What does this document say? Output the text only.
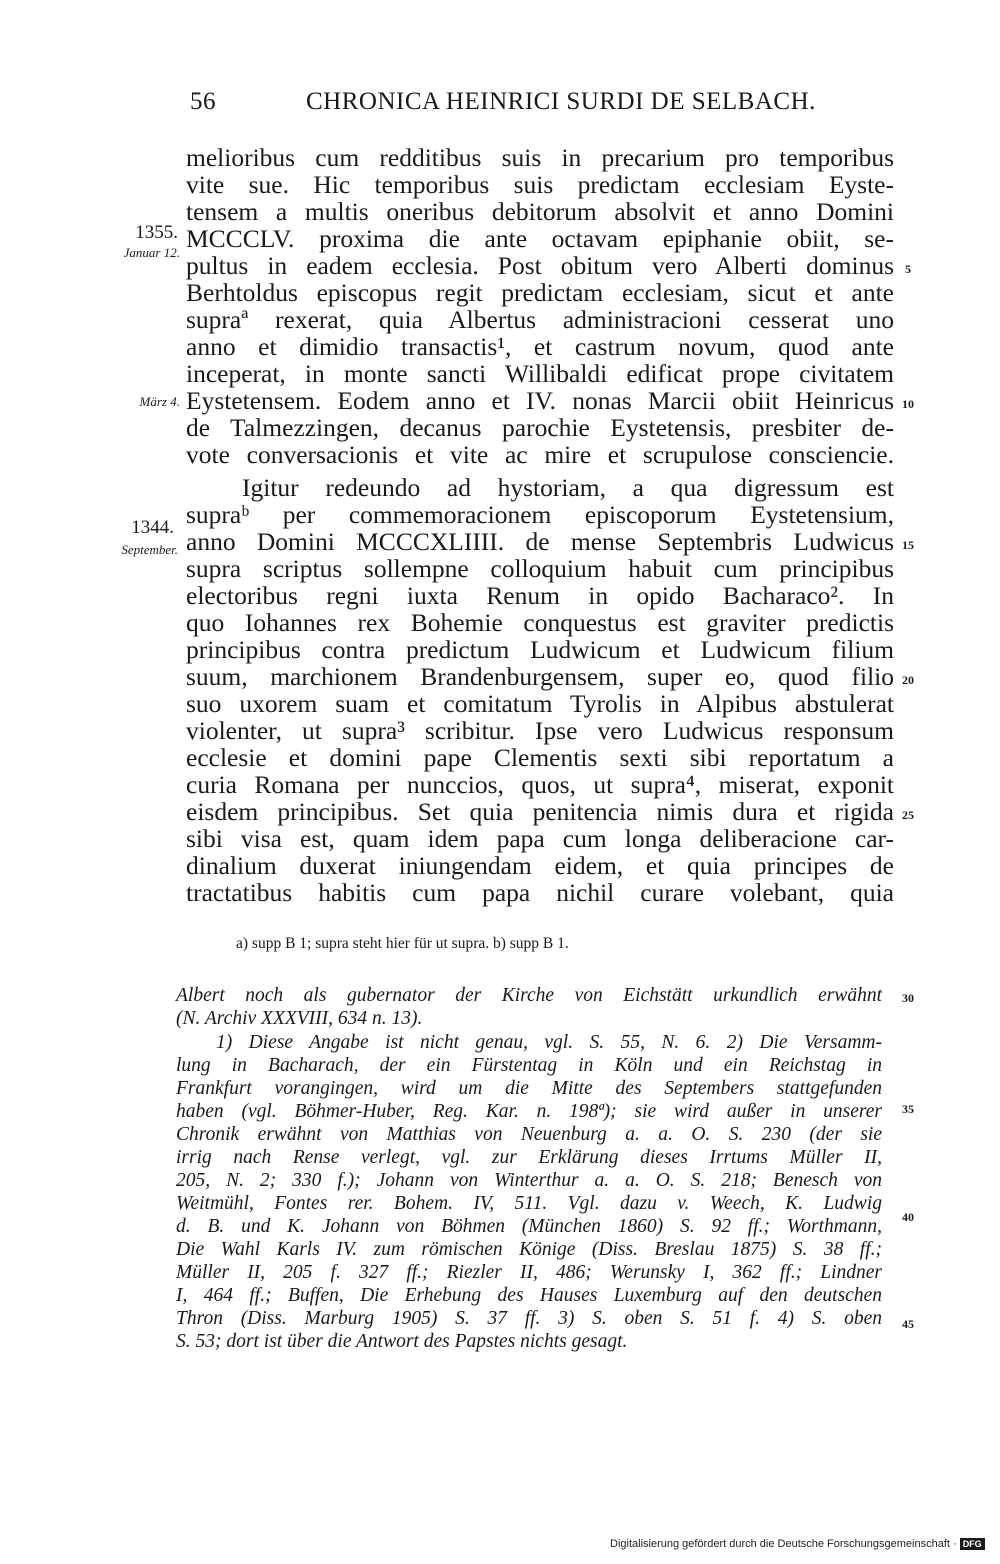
56	CHRONICA HEINRICI SURDI DE SELBACH.
melioribus cum redditibus suis in precarium pro temporibus
vite sue. Hic temporibus suis predictam ecclesiam Eyste-
tensem a multis oneribus debitorum absolvit et anno Domini
MCCCLV. proxima die ante octavam epiphanie obiit, se-
pultus in eadem ecclesia. Post obitum vero Alberti dominus
Berhtoldus episcopus regit predictam ecclesiam, sicut et ante
supraª rexerat, quia Albertus administracioni cesserat uno
anno et dimidio transactis¹, et castrum novum, quod ante
inceperat, in monte sancti Willibaldi edificat prope civitatem
Eystetensem. Eodem anno et IV. nonas Marcii obiit Heinricus
de Talmezzingen, decanus parochie Eystetensis, presbiter de-
vote conversacionis et vite ac mire et scrupulose consciencie.
Igitur redeundo ad hystoriam, a qua digressum est
supraᵇ per commemoracionem episcoporum Eystetensium,
anno Domini MCCCXLIIII. de mense Septembris Ludwicus
supra scriptus sollempne colloquium habuit cum principibus
electoribus regni iuxta Renum in opido Bacharaco². In
quo Iohannes rex Bohemie conquestus est graviter predictis
principibus contra predictum Ludwicum et Ludwicum filium
suum, marchionem Brandenburgensem, super eo, quod filio
suo uxorem suam et comitatum Tyrolis in Alpibus abstulerat
violenter, ut supra³ scribitur. Ipse vero Ludwicus responsum
ecclesie et domini pape Clementis sexti sibi reportatum a
curia Romana per nunccios, quos, ut supra⁴, miserat, exponit
eisdem principibus. Set quia penitencia nimis dura et rigida
sibi visa est, quam idem papa cum longa deliberacione car-
dinalium duxerat iniungendam eidem, et quia principes de
tractatibus habitis cum papa nichil curare volebant, quia
1355.
Januar 12.
März 4.
1344.
September.
5
10
15
20
25
30
35
40
45
a) supp B 1; supra steht hier für ut supra. b) supp B 1.
Albert noch als gubernator der Kirche von Eichstätt urkundlich erwähnt
(N. Archiv XXXVIII, 634 n. 13).
1) Diese Angabe ist nicht genau, vgl. S. 55, N. 6. 2) Die Versamm-
lung in Bacharach, der ein Fürstentag in Köln und ein Reichstag in
Frankfurt vorangingen, wird um die Mitte des Septembers stattgefunden
haben (vgl. Böhmer-Huber, Reg. Kar. n. 198ª); sie wird außer in unserer
Chronik erwähnt von Matthias von Neuenburg a. a. O. S. 230 (der sie
irrig nach Rense verlegt, vgl. zur Erklärung dieses Irrtums Müller II,
205, N. 2; 330 f.); Johann von Winterthur a. a. O. S. 218; Benesch von
Weitmühl, Fontes rer. Bohem. IV, 511. Vgl. dazu v. Weech, K. Ludwig
d. B. und K. Johann von Böhmen (München 1860) S. 92 ff.; Worthmann,
Die Wahl Karls IV. zum römischen Könige (Diss. Breslau 1875) S. 38 ff.;
Müller II, 205 f. 327 ff.; Riezler II, 486; Werunsky I, 362 ff.; Lindner
I, 464 ff.; Buffen, Die Erhebung des Hauses Luxemburg auf den deutschen
Thron (Diss. Marburg 1905) S. 37 ff. 3) S. oben S. 51 f. 4) S. oben
S. 53; dort ist über die Antwort des Papstes nichts gesagt.
Digitalisierung gefördert durch die Deutsche Forschungsgemeinschaft · DFG
